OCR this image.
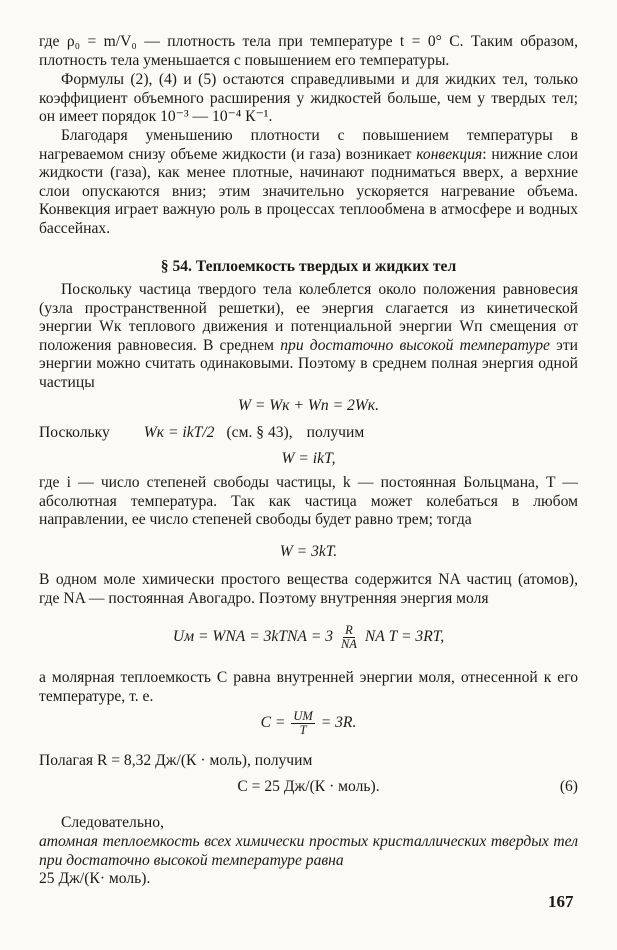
где ρ₀ = m/V₀ — плотность тела при температуре t = 0° С. Таким образом, плотность тела уменьшается с повышением его температуры.

Формулы (2), (4) и (5) остаются справедливыми и для жидких тел, только коэффициент объемного расширения у жидкостей больше, чем у твердых тел; он имеет порядок 10⁻³ — 10⁻⁴ К⁻¹.

Благодаря уменьшению плотности с повышением температуры в нагреваемом снизу объеме жидкости (и газа) возникает конвекция: нижние слои жидкости (газа), как менее плотные, начинают подниматься вверх, а верхние слои опускаются вниз; этим значительно ускоряется нагревание объема. Конвекция играет важную роль в процессах теплообмена в атмосфере и водных бассейнах.

§ 54. Теплоемкость твердых и жидких тел

Поскольку частица твердого тела колеблется около положения равновесия (узла пространственной решетки), ее энергия слагается из кинетической энергии Wк теплового движения и потенциальной энергии Wп смещения от положения равновесия. В среднем при достаточно высокой температуре эти энергии можно считать одинаковыми. Поэтому в среднем полная энергия одной частицы

W = Wк + Wп = 2Wк.
Поскольку Wк = ikT/2 (см. § 43), получим
W = ikT,

где i — число степеней свободы частицы, k — постоянная Больцмана, T — абсолютная температура. Так как частица может колебаться в любом направлении, ее число степеней свободы будет равно трем; тогда

W = 3kT.

В одном моле химически простого вещества содержится NA частиц (атомов), где NA — постоянная Авогадро. Поэтому внутренняя энергия моля

Uм = WNА = 3kTNА = $3 \frac{R}{NА}$ NА T = 3RT,

а молярная теплоемкость C равна внутренней энергии моля, отнесенной к его температуре, т. е.

$C = \frac{UM}{T} = 3R$.

Полагая R = 8,32 Дж/(К · моль), получим

C = 25 Дж/(К · моль).	(6)

Следовательно,

атомная теплоемкость всех химически простых кристаллических твердых тел при достаточно высокой температуре равна

25 Дж/(К· моль).

167
